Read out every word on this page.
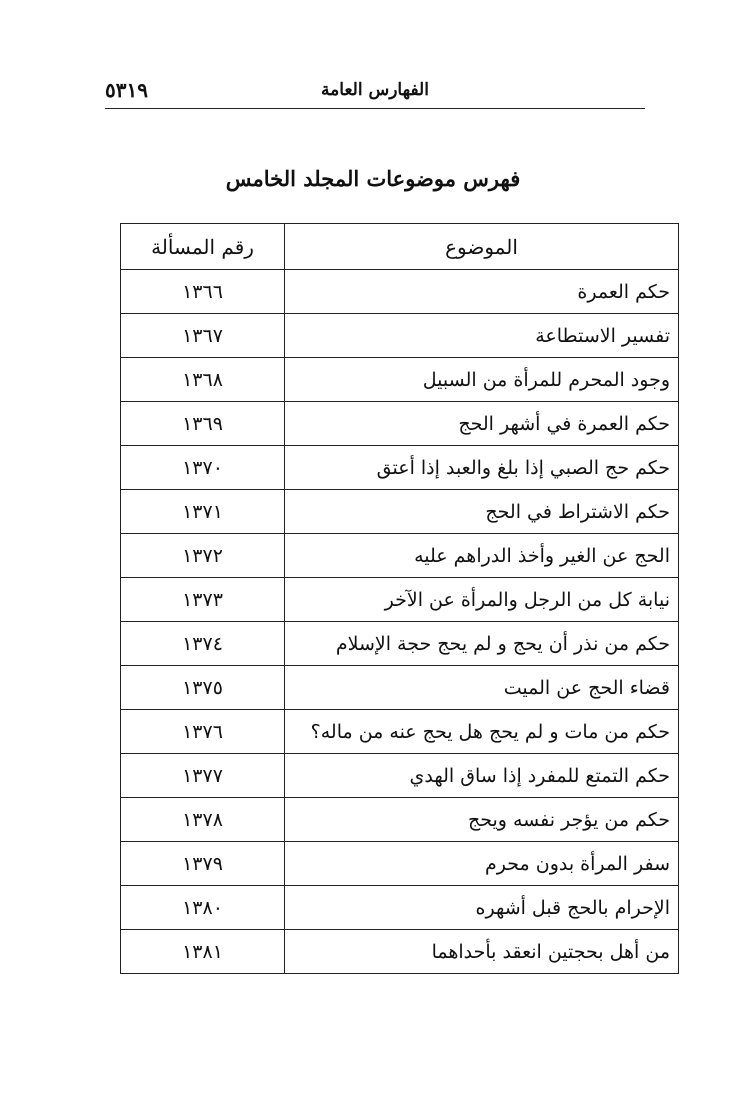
الفهارس العامة
٥٣١٩
فهرس موضوعات المجلد الخامس
الموضوع	رقم المسألة
حكم العمرة	١٣٦٦
تفسير الاستطاعة	١٣٦٧
وجود المحرم للمرأة من السبيل	١٣٦٨
حكم العمرة في أشهر الحج	١٣٦٩
حكم حج الصبي إذا بلغ والعبد إذا أعتق	١٣٧٠
حكم الاشتراط في الحج	١٣٧١
الحج عن الغير وأخذ الدراهم عليه	١٣٧٢
نيابة كل من الرجل والمرأة عن الآخر	١٣٧٣
حكم من نذر أن يحج و لم يحج حجة الإسلام	١٣٧٤
قضاء الحج عن الميت	١٣٧٥
حكم من مات و لم يحج هل يحج عنه من ماله؟	١٣٧٦
حكم التمتع للمفرد إذا ساق الهدي	١٣٧٧
حكم من يؤجر نفسه ويحج	١٣٧٨
سفر المرأة بدون محرم	١٣٧٩
الإحرام بالحج قبل أشهره	١٣٨٠
من أهل بحجتين انعقد بأحداهما	١٣٨١
